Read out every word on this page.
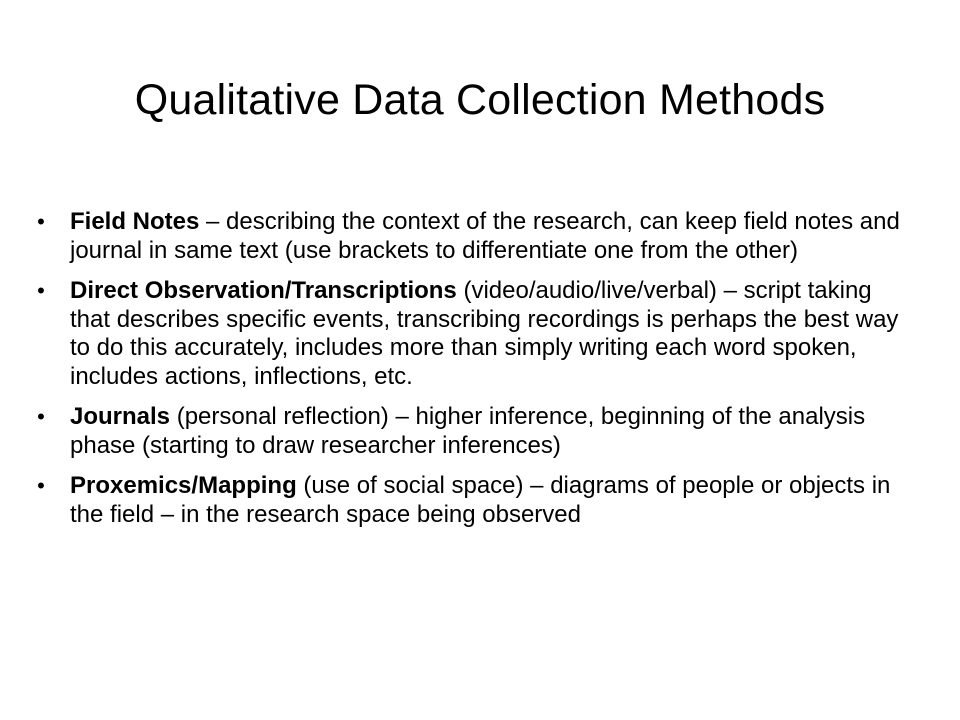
Qualitative Data Collection Methods
• Field Notes – describing the context of the research, can keep field notes and journal in same text (use brackets to differentiate one from the other)
• Direct Observation/Transcriptions (video/audio/live/verbal) – script taking that describes specific events, transcribing recordings is perhaps the best way to do this accurately, includes more than simply writing each word spoken, includes actions, inflections, etc.
• Journals (personal reflection) – higher inference, beginning of the analysis phase (starting to draw researcher inferences)
• Proxemics/Mapping (use of social space) – diagrams of people or objects in the field – in the research space being observed
